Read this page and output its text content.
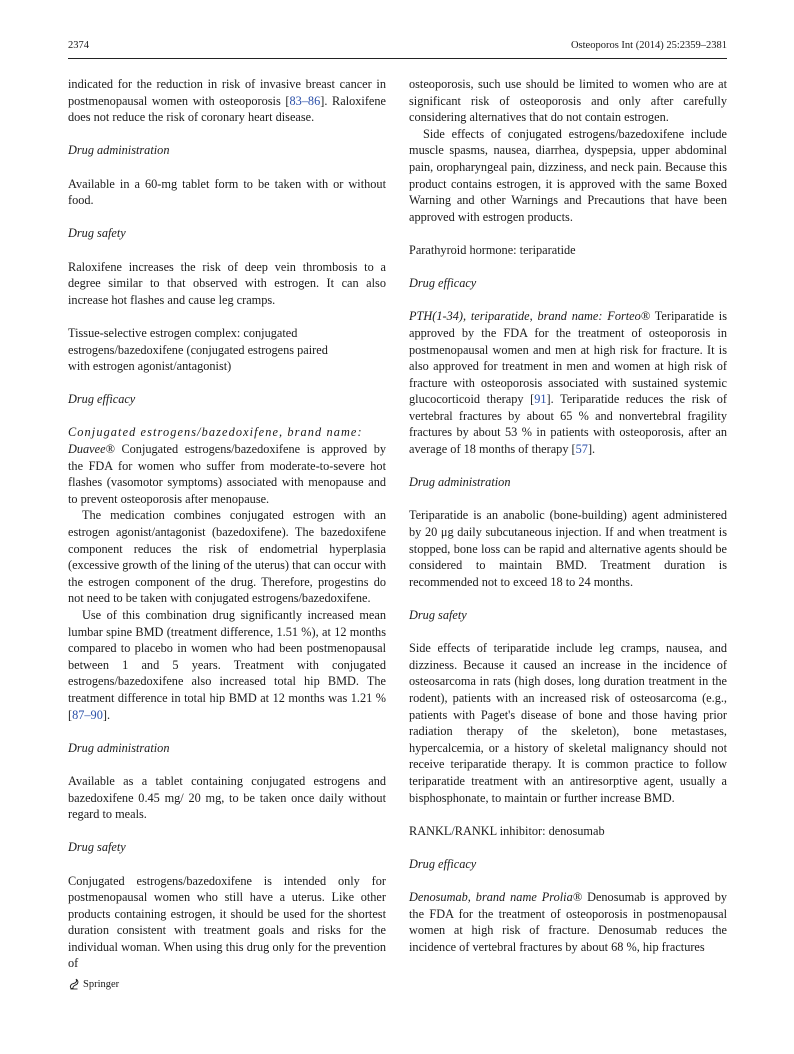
2374	Osteoporos Int (2014) 25:2359–2381

indicated for the reduction in risk of invasive breast cancer in postmenopausal women with osteoporosis [83–86]. Raloxifene does not reduce the risk of coronary heart disease.

Drug administration

Available in a 60-mg tablet form to be taken with or without food.

Drug safety

Raloxifene increases the risk of deep vein thrombosis to a degree similar to that observed with estrogen. It can also increase hot flashes and cause leg cramps.

Tissue-selective estrogen complex: conjugated
estrogens/bazedoxifene (conjugated estrogens paired
with estrogen agonist/antagonist)

Drug efficacy

Conjugated estrogens/bazedoxifene, brand name:
Duavee® Conjugated estrogens/bazedoxifene is approved by the FDA for women who suffer from moderate-to-severe hot flashes (vasomotor symptoms) associated with menopause and to prevent osteoporosis after menopause.

The medication combines conjugated estrogen with an estrogen agonist/antagonist (bazedoxifene). The bazedoxifene component reduces the risk of endometrial hyperplasia (excessive growth of the lining of the uterus) that can occur with the estrogen component of the drug. Therefore, progestins do not need to be taken with conjugated estrogens/bazedoxifene.

Use of this combination drug significantly increased mean lumbar spine BMD (treatment difference, 1.51 %), at 12 months compared to placebo in women who had been postmenopausal between 1 and 5 years. Treatment with conjugated estrogens/bazedoxifene also increased total hip BMD. The treatment difference in total hip BMD at 12 months was 1.21 % [87–90].

Drug administration

Available as a tablet containing conjugated estrogens and bazedoxifene 0.45 mg/ 20 mg, to be taken once daily without regard to meals.

Drug safety

Conjugated estrogens/bazedoxifene is intended only for postmenopausal women who still have a uterus. Like other products containing estrogen, it should be used for the shortest duration consistent with treatment goals and risks for the individual woman. When using this drug only for the prevention of

osteoporosis, such use should be limited to women who are at significant risk of osteoporosis and only after carefully considering alternatives that do not contain estrogen.

Side effects of conjugated estrogens/bazedoxifene include muscle spasms, nausea, diarrhea, dyspepsia, upper abdominal pain, oropharyngeal pain, dizziness, and neck pain. Because this product contains estrogen, it is approved with the same Boxed Warning and other Warnings and Precautions that have been approved with estrogen products.

Parathyroid hormone: teriparatide

Drug efficacy

PTH(1-34), teriparatide, brand name: Forteo® Teriparatide is approved by the FDA for the treatment of osteoporosis in postmenopausal women and men at high risk for fracture. It is also approved for treatment in men and women at high risk of fracture with osteoporosis associated with sustained systemic glucocorticoid therapy [91]. Teriparatide reduces the risk of vertebral fractures by about 65 % and nonvertebral fragility fractures by about 53 % in patients with osteoporosis, after an average of 18 months of therapy [57].

Drug administration

Teriparatide is an anabolic (bone-building) agent administered by 20 μg daily subcutaneous injection. If and when treatment is stopped, bone loss can be rapid and alternative agents should be considered to maintain BMD. Treatment duration is recommended not to exceed 18 to 24 months.

Drug safety

Side effects of teriparatide include leg cramps, nausea, and dizziness. Because it caused an increase in the incidence of osteosarcoma in rats (high doses, long duration treatment in the rodent), patients with an increased risk of osteosarcoma (e.g., patients with Paget's disease of bone and those having prior radiation therapy of the skeleton), bone metastases, hypercalcemia, or a history of skeletal malignancy should not receive teriparatide therapy. It is common practice to follow teriparatide treatment with an antiresorptive agent, usually a bisphosphonate, to maintain or further increase BMD.

RANKL/RANKL inhibitor: denosumab

Drug efficacy

Denosumab, brand name Prolia® Denosumab is approved by the FDA for the treatment of osteoporosis in postmenopausal women at high risk of fracture. Denosumab reduces the incidence of vertebral fractures by about 68 %, hip fractures

Springer
